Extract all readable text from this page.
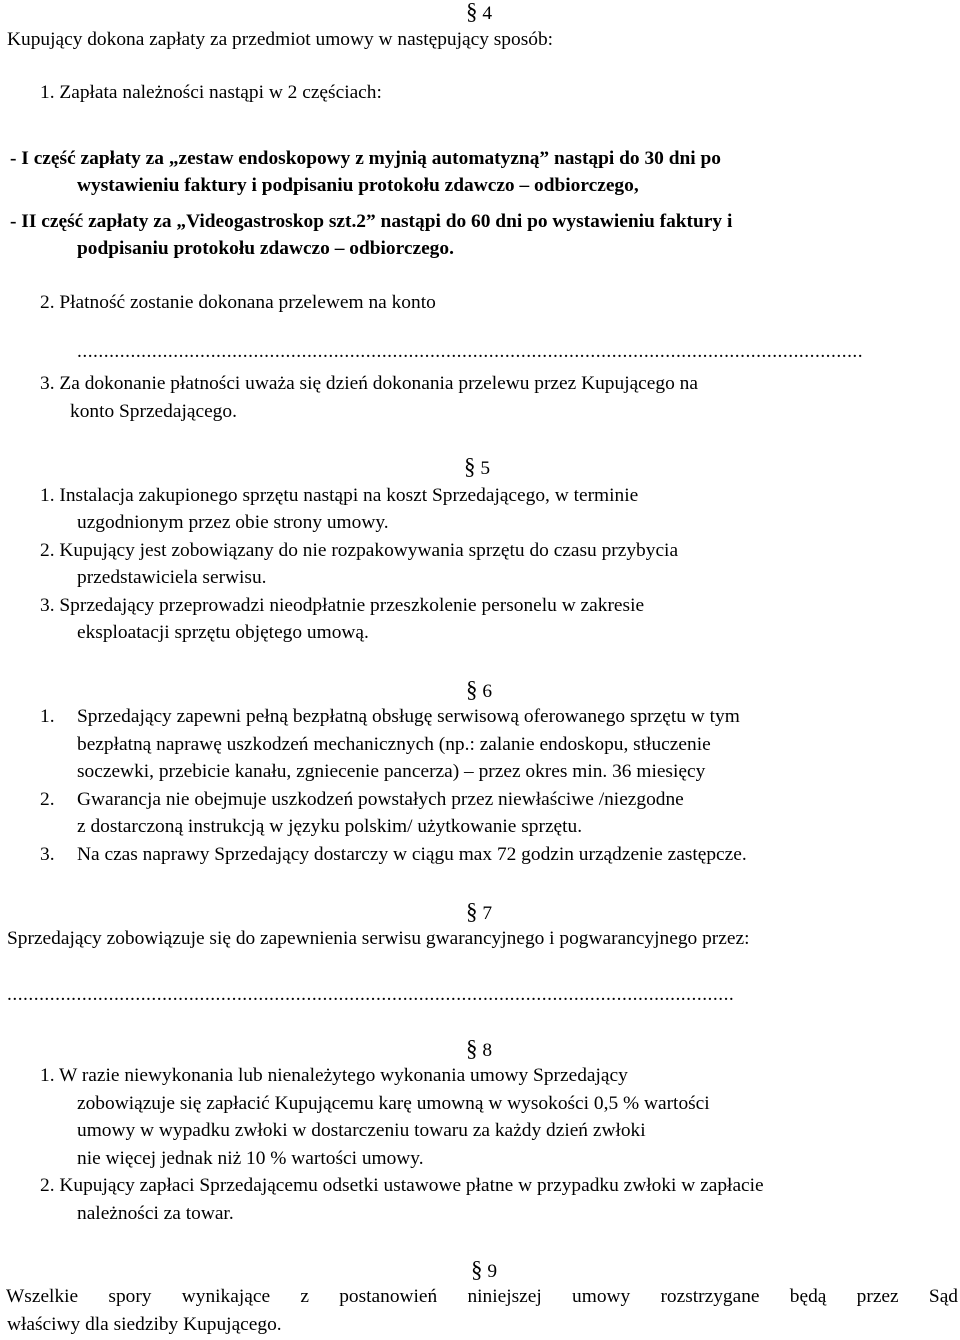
§ 4
Kupujący dokona zapłaty za przedmiot umowy w następujący sposób:
1. Zapłata należności nastąpi w 2 częściach:
- I część zapłaty za „zestaw endoskopowy z myjnią automatyzną” nastąpi do 30 dni po
wystawieniu faktury i podpisaniu protokołu zdawczo – odbiorczego,
- II część zapłaty za „Videogastroskop szt.2” nastąpi do 60 dni po wystawieniu faktury i
podpisaniu protokołu zdawczo – odbiorczego.
2. Płatność zostanie dokonana przelewem na konto
...................................................................................................................................................
3. Za dokonanie płatności uważa się dzień dokonania przelewu przez Kupującego na
konto Sprzedającego.
§ 5
1. Instalacja zakupionego sprzętu nastąpi na koszt Sprzedającego, w terminie
uzgodnionym przez obie strony umowy.
2. Kupujący jest zobowiązany do nie rozpakowywania sprzętu do czasu przybycia
przedstawiciela serwisu.
3. Sprzedający przeprowadzi nieodpłatnie przeszkolenie personelu w zakresie
eksploatacji sprzętu objętego umową.
§ 6
1. Sprzedający zapewni pełną bezpłatną obsługę serwisową oferowanego sprzętu w tym
bezpłatną naprawę uszkodzeń mechanicznych (np.: zalanie endoskopu, stłuczenie
soczewki, przebicie kanału, zgniecenie pancerza) – przez okres min. 36 miesięcy
2. Gwarancja nie obejmuje uszkodzeń powstałych przez niewłaściwe /niezgodne
z dostarczoną instrukcją w języku polskim/ użytkowanie sprzętu.
3. Na czas naprawy Sprzedający dostarczy w ciągu max 72 godzin urządzenie zastępcze.
§ 7
Sprzedający zobowiązuje się do zapewnienia serwisu gwarancyjnego i pogwarancyjnego przez:
........................................................................................................................................
§ 8
1. W razie niewykonania lub nienależytego wykonania umowy Sprzedający
zobowiązuje się zapłacić Kupującemu karę umowną w wysokości 0,5 % wartości
umowy w wypadku zwłoki w dostarczeniu towaru za każdy dzień zwłoki
nie więcej jednak niż 10 % wartości umowy.
2. Kupujący zapłaci Sprzedającemu odsetki ustawowe płatne w przypadku zwłoki w zapłacie
należności za towar.
§ 9
Wszelkie spory wynikające z postanowień niniejszej umowy rozstrzygane będą przez Sąd
właściwy dla siedziby Kupującego.
